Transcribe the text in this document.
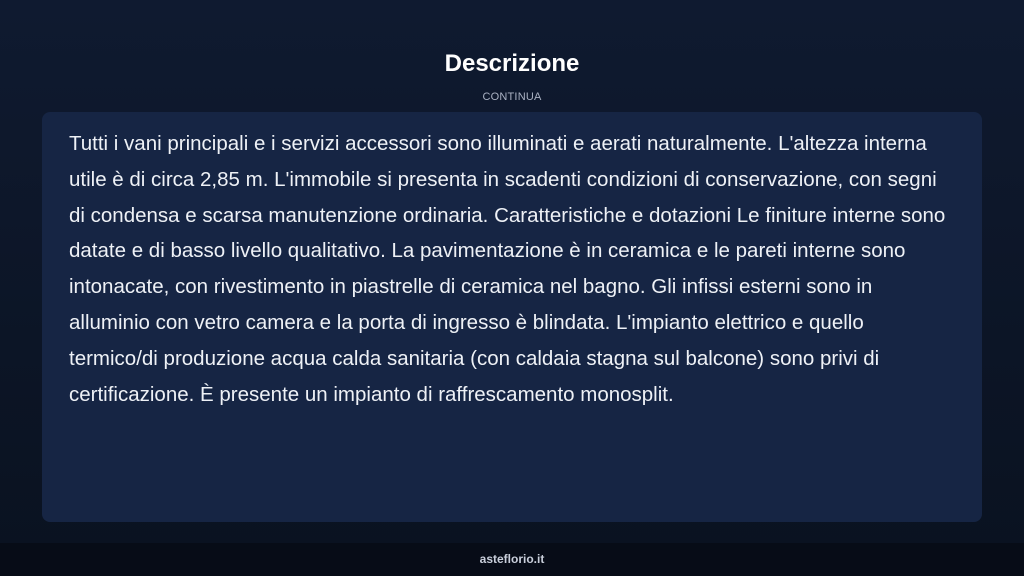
Descrizione
CONTINUA

Tutti i vani principali e i servizi accessori sono illuminati e aerati naturalmente. L'altezza interna utile è di circa 2,85 m. L'immobile si presenta in scadenti condizioni di conservazione, con segni di condensa e scarsa manutenzione ordinaria. Caratteristiche e dotazioni Le finiture interne sono datate e di basso livello qualitativo. La pavimentazione è in ceramica e le pareti interne sono intonacate, con rivestimento in piastrelle di ceramica nel bagno. Gli infissi esterni sono in alluminio con vetro camera e la porta di ingresso è blindata. L'impianto elettrico e quello termico/di produzione acqua calda sanitaria (con caldaia stagna sul balcone) sono privi di certificazione. È presente un impianto di raffrescamento monosplit.

asteflorio.it
